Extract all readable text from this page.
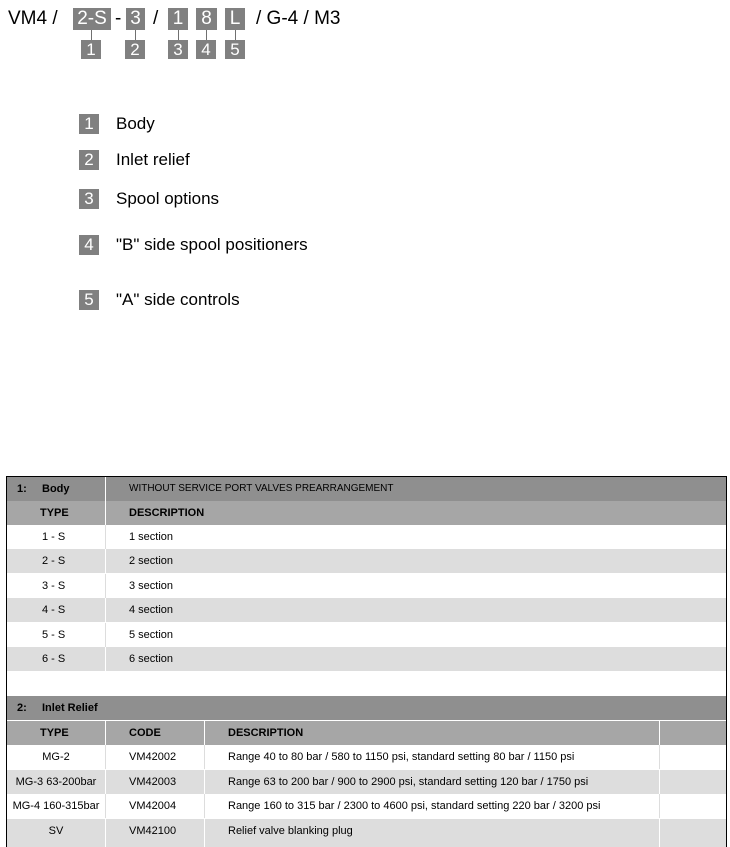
VM4 / 2-S - 3 / 1 8 L / G-4 / M3
1	2	3	4	5
1	Body
2	Inlet relief
3	Spool options
4	"B" side spool positioners
5	"A" side controls
1: Body	WITHOUT SERVICE PORT VALVES PREARRANGEMENT
TYPE	DESCRIPTION
1 - S	1 section
2 - S	2 section
3 - S	3 section
4 - S	4 section
5 - S	5 section
6 - S	6 section
2: Inlet Relief
TYPE	CODE	DESCRIPTION
MG-2	VM42002	Range 40 to 80 bar / 580 to 1150 psi, standard setting 80 bar / 1150 psi
MG-3 63-200bar	VM42003	Range 63 to 200 bar / 900 to 2900 psi, standard setting 120 bar / 1750 psi
MG-4 160-315bar	VM42004	Range 160 to 315 bar / 2300 to 4600 psi, standard setting 220 bar / 3200 psi
SV	VM42100	Relief valve blanking plug
